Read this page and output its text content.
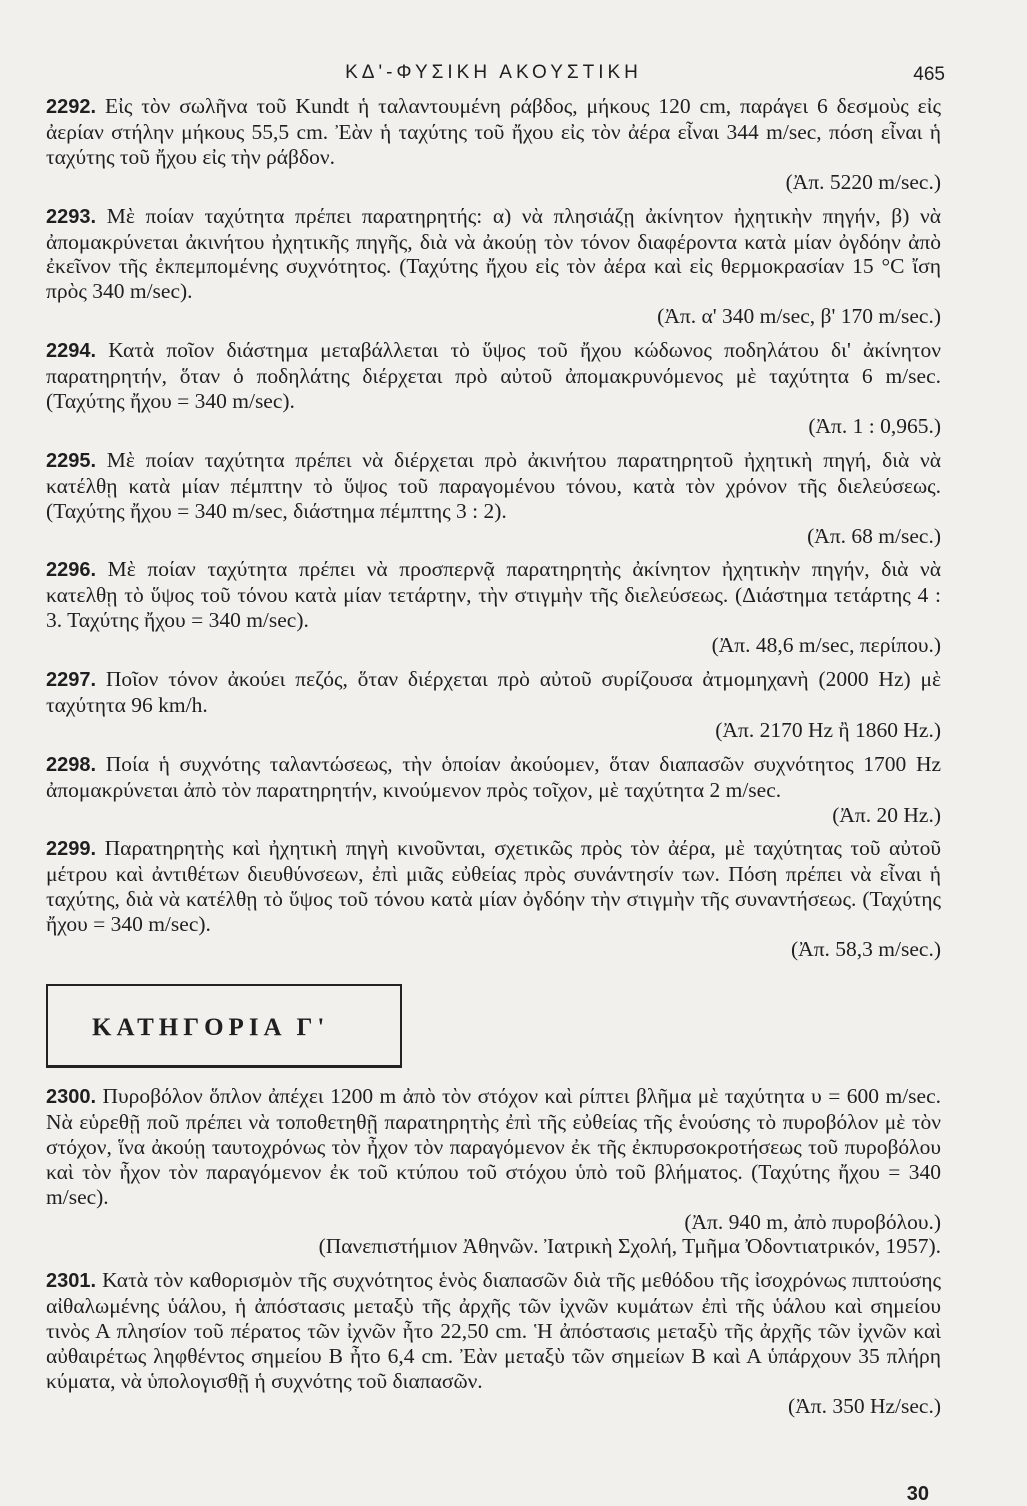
ΚΔ'-ΦΥΣΙΚΗ ΑΚΟΥΣΤΙΚΗ	465

2292. Εἰς τὸν σωλῆνα τοῦ Kundt ἡ ταλαντουμένη ράβδος, μήκους 120 cm, παράγει 6 δεσμοὺς εἰς ἀερίαν στήλην μήκους 55,5 cm. Ἐὰν ἡ ταχύτης τοῦ ἤχου εἰς τὸν ἀέρα εἶναι 344 m/sec, πόση εἶναι ἡ ταχύτης τοῦ ἤχου εἰς τὴν ράβδον.

(Ἀπ. 5220 m/sec.)

2293. Μὲ ποίαν ταχύτητα πρέπει παρατηρητής: α) νὰ πλησιάζῃ ἀκίνητον ἠχητικὴν πηγήν, β) νὰ ἀπομακρύνεται ἀκινήτου ἠχητικῆς πηγῆς, διὰ νὰ ἀκούῃ τὸν τόνον διαφέροντα κατὰ μίαν ὀγδόην ἀπὸ ἐκεῖνον τῆς ἐκπεμπομένης συχνότητος. (Ταχύτης ἤχου εἰς τὸν ἀέρα καὶ εἰς θερμοκρασίαν 15 °C ἴση πρὸς 340 m/sec).

(Ἀπ. α' 340 m/sec, β' 170 m/sec.)

2294. Κατὰ ποῖον διάστημα μεταβάλλεται τὸ ὕψος τοῦ ἤχου κώδωνος ποδηλάτου δι' ἀκίνητον παρατηρητήν, ὅταν ὁ ποδηλάτης διέρχεται πρὸ αὐτοῦ ἀπομακρυνόμενος μὲ ταχύτητα 6 m/sec. (Ταχύτης ἤχου = 340 m/sec).

(Ἀπ. 1 : 0,965.)

2295. Μὲ ποίαν ταχύτητα πρέπει νὰ διέρχεται πρὸ ἀκινήτου παρατηρητοῦ ἠχητικὴ πηγή, διὰ νὰ κατέλθῃ κατὰ μίαν πέμπτην τὸ ὕψος τοῦ παραγομένου τόνου, κατὰ τὸν χρόνον τῆς διελεύσεως. (Ταχύτης ἤχου = 340 m/sec, διάστημα πέμπτης 3 : 2).

(Ἀπ. 68 m/sec.)

2296. Μὲ ποίαν ταχύτητα πρέπει νὰ προσπερνᾷ παρατηρητὴς ἀκίνητον ἠχητικὴν πηγήν, διὰ νὰ κατελθῃ τὸ ὕψος τοῦ τόνου κατὰ μίαν τετάρτην, τὴν στιγμὴν τῆς διελεύσεως. (Διάστημα τετάρτης 4 : 3. Ταχύτης ἤχου = 340 m/sec).

(Ἀπ. 48,6 m/sec, περίπου.)

2297. Ποῖον τόνον ἀκούει πεζός, ὅταν διέρχεται πρὸ αὐτοῦ συρίζουσα ἀτμομηχανὴ (2000 Hz) μὲ ταχύτητα 96 km/h.

(Ἀπ. 2170 Hz ἢ 1860 Hz.)

2298. Ποία ἡ συχνότης ταλαντώσεως, τὴν ὁποίαν ἀκούομεν, ὅταν διαπασῶν συχνότητος 1700 Hz ἀπομακρύνεται ἀπὸ τὸν παρατηρητήν, κινούμενον πρὸς τοῖχον, μὲ ταχύτητα 2 m/sec.

(Ἀπ. 20 Hz.)

2299. Παρατηρητὴς καὶ ἠχητικὴ πηγὴ κινοῦνται, σχετικῶς πρὸς τὸν ἀέρα, μὲ ταχύτητας τοῦ αὐτοῦ μέτρου καὶ ἀντιθέτων διευθύνσεων, ἐπὶ μιᾶς εὐθείας πρὸς συνάντησίν των. Πόση πρέπει νὰ εἶναι ἡ ταχύτης, διὰ νὰ κατέλθῃ τὸ ὕψος τοῦ τόνου κατὰ μίαν ὀγδόην τὴν στιγμὴν τῆς συναντήσεως. (Ταχύτης ἤχου = 340 m/sec).

(Ἀπ. 58,3 m/sec.)

ΚΑΤΗΓΟΡΙΑ Γ'

2300. Πυροβόλον ὅπλον ἀπέχει 1200 m ἀπὸ τὸν στόχον καὶ ρίπτει βλῆμα μὲ ταχύτητα υ = 600 m/sec. Νὰ εὑρεθῇ ποῦ πρέπει νὰ τοποθετηθῇ παρατηρητὴς ἐπὶ τῆς εὐθείας τῆς ἑνούσης τὸ πυροβόλον μὲ τὸν στόχον, ἵνα ἀκούῃ ταυτοχρόνως τὸν ἦχον τὸν παραγόμενον ἐκ τῆς ἐκπυρσοκροτήσεως τοῦ πυροβόλου καὶ τὸν ἦχον τὸν παραγόμενον ἐκ τοῦ κτύπου τοῦ στόχου ὑπὸ τοῦ βλήματος. (Ταχύτης ἤχου = 340 m/sec).

(Ἀπ. 940 m, ἀπὸ πυροβόλου.)

(Πανεπιστήμιον Ἀθηνῶν. Ἰατρικὴ Σχολή, Τμῆμα Ὀδοντιατρικόν, 1957).

2301. Κατὰ τὸν καθορισμὸν τῆς συχνότητος ἑνὸς διαπασῶν διὰ τῆς μεθόδου τῆς ἰσοχρόνως πιπτούσης αἰθαλωμένης ὑάλου, ἡ ἀπόστασις μεταξὺ τῆς ἀρχῆς τῶν ἰχνῶν κυμάτων ἐπὶ τῆς ὑάλου καὶ σημείου τινὸς Α πλησίον τοῦ πέρατος τῶν ἰχνῶν ἦτο 22,50 cm. Ἡ ἀπόστασις μεταξὺ τῆς ἀρχῆς τῶν ἰχνῶν καὶ αὐθαιρέτως ληφθέντος σημείου Β ἦτο 6,4 cm. Ἐὰν μεταξὺ τῶν σημείων Β καὶ Α ὑπάρχουν 35 πλήρη κύματα, νὰ ὑπολογισθῇ ἡ συχνότης τοῦ διαπασῶν.

(Ἀπ. 350 Hz/sec.)

30
